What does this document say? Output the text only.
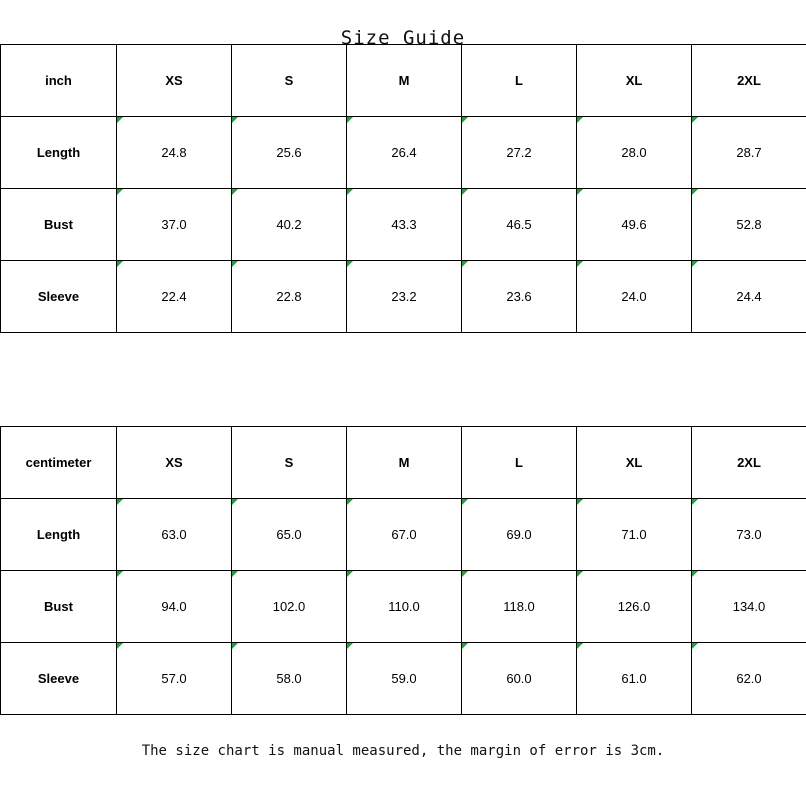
Size Guide
inch	XS	S	M	L	XL	2XL
Length	24.8	25.6	26.4	27.2	28.0	28.7
Bust	37.0	40.2	43.3	46.5	49.6	52.8
Sleeve	22.4	22.8	23.2	23.6	24.0	24.4
centimeter	XS	S	M	L	XL	2XL
Length	63.0	65.0	67.0	69.0	71.0	73.0
Bust	94.0	102.0	110.0	118.0	126.0	134.0
Sleeve	57.0	58.0	59.0	60.0	61.0	62.0
The size chart is manual measured, the margin of error is 3cm.
